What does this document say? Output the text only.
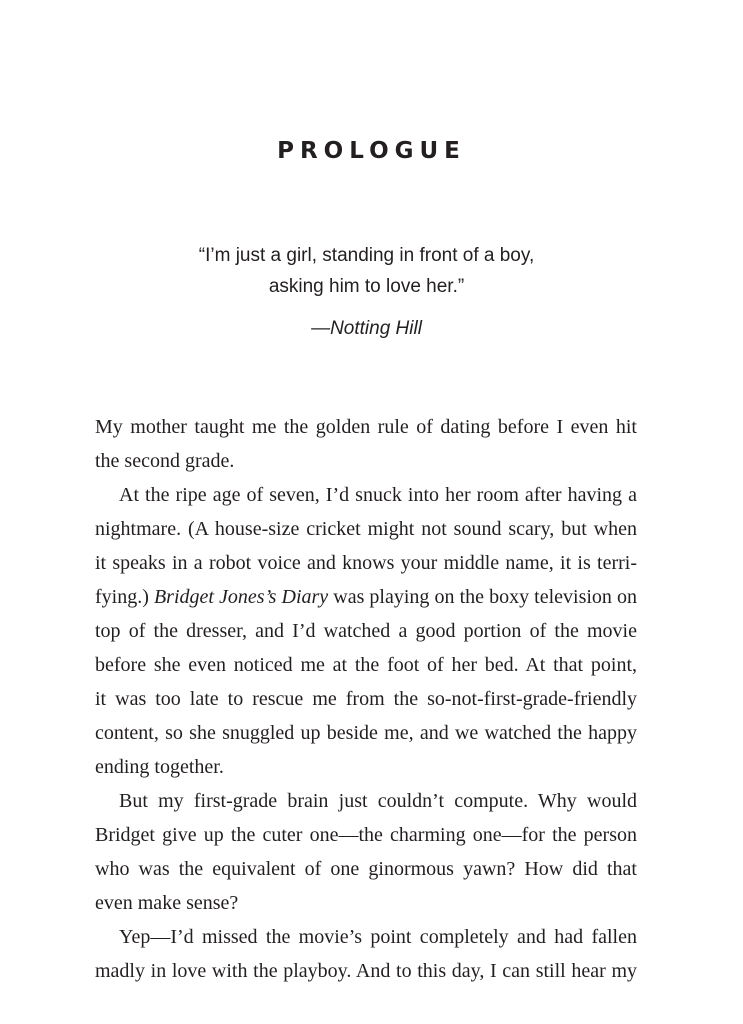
PROLOGUE
“I’m just a girl, standing in front of a boy,
asking him to love her.”
—Notting Hill
My mother taught me the golden rule of dating before I even hit
the second grade.
At the ripe age of seven, I’d snuck into her room after having a
nightmare. (A house-size cricket might not sound scary, but when
it speaks in a robot voice and knows your middle name, it is terri-
fying.) Bridget Jones’s Diary was playing on the boxy television on
top of the dresser, and I’d watched a good portion of the movie
before she even noticed me at the foot of her bed. At that point,
it was too late to rescue me from the so-not-first-grade-friendly
content, so she snuggled up beside me, and we watched the happy
ending together.
But my first-grade brain just couldn’t compute. Why would
Bridget give up the cuter one—the charming one—for the person
who was the equivalent of one ginormous yawn? How did that
even make sense?
Yep—I’d missed the movie’s point completely and had fallen
madly in love with the playboy. And to this day, I can still hear my
